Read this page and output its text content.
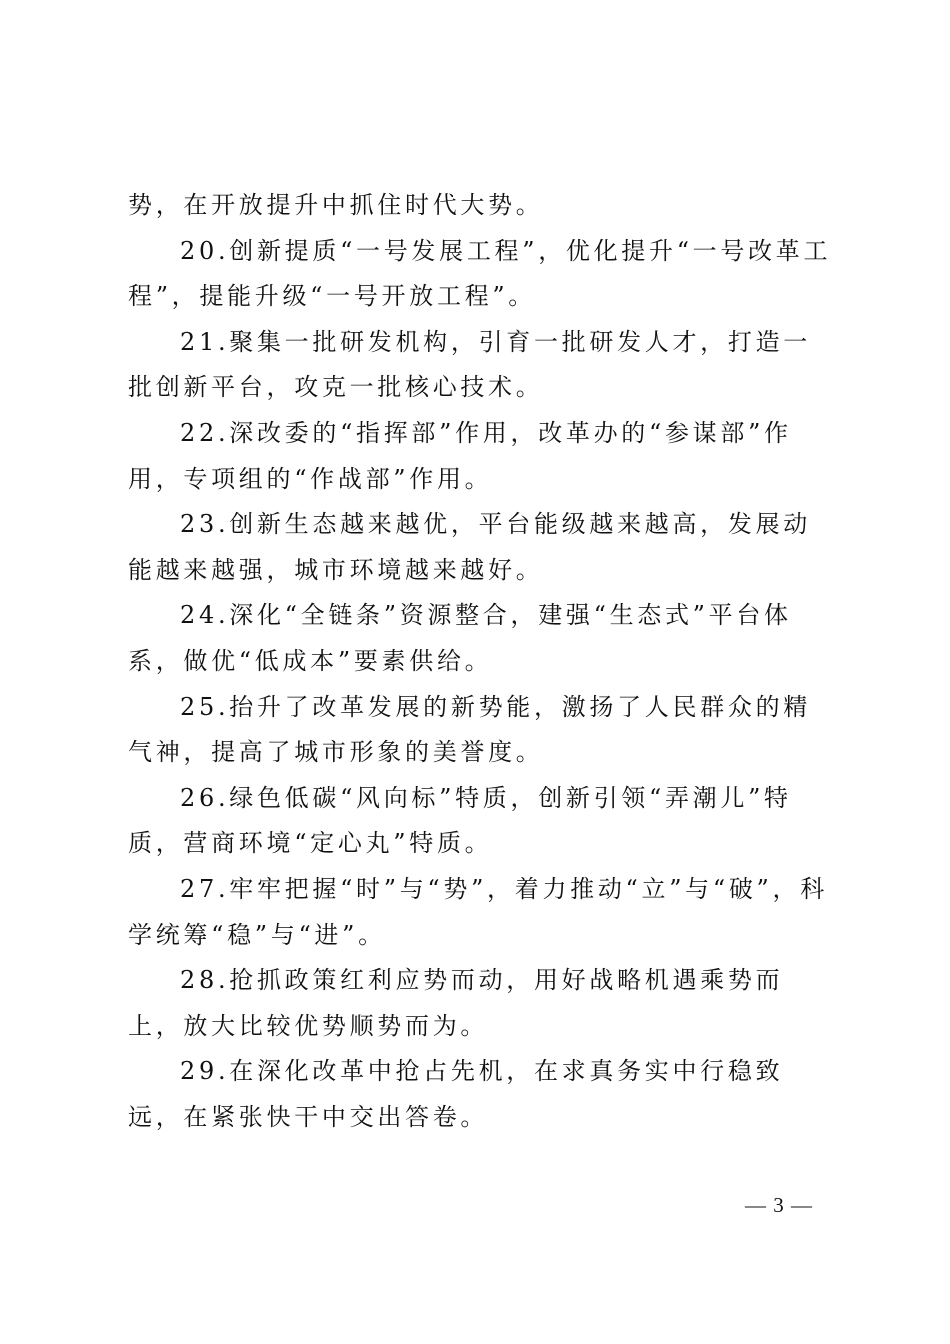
势，在开放提升中抓住时代大势。

20.创新提质“一号发展工程”，优化提升“一号改革工程”，提能升级“一号开放工程”。

21.聚集一批研发机构，引育一批研发人才，打造一批创新平台，攻克一批核心技术。

22.深改委的“指挥部”作用，改革办的“参谋部”作用，专项组的“作战部”作用。

23.创新生态越来越优，平台能级越来越高，发展动能越来越强，城市环境越来越好。

24.深化“全链条”资源整合，建强“生态式”平台体系，做优“低成本”要素供给。

25.抬升了改革发展的新势能，激扬了人民群众的精气神，提高了城市形象的美誉度。

26.绿色低碳“风向标”特质，创新引领“弄潮儿”特质，营商环境“定心丸”特质。

27.牢牢把握“时”与“势”，着力推动“立”与“破”，科学统筹“稳”与“进”。

28.抢抓政策红利应势而动，用好战略机遇乘势而上，放大比较优势顺势而为。

29.在深化改革中抢占先机，在求真务实中行稳致远，在紧张快干中交出答卷。

— 3 —
